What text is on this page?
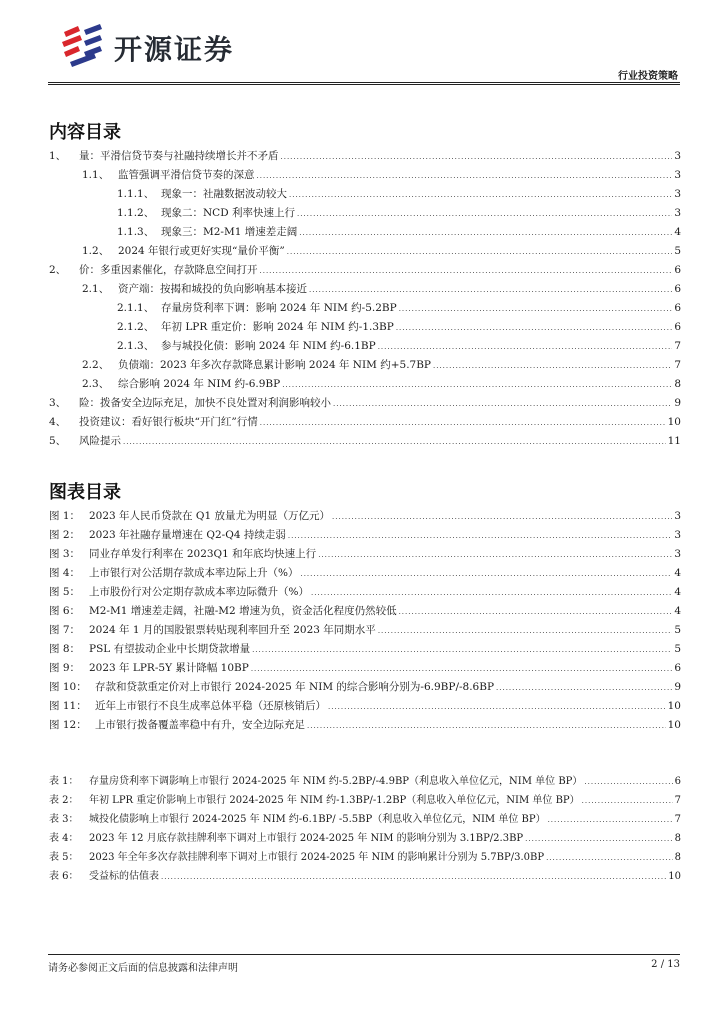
开源证券
行业投资策略
内容目录
图表目录
1、	量：平滑信贷节奏与社融持续增长并不矛盾 .....	3
1.1、 监管强调平滑信贷节奏的深意 .....	3
1.1.1、 现象一：社融数据波动较大 .....	3
1.1.2、 现象二：NCD 利率快速上行 .....	3
1.1.3、 现象三：M2-M1 增速差走阔 .....	4
1.2、 2024 年银行或更好实现“量价平衡” .....	5
2、	价：多重因素催化，存款降息空间打开 .....	6
2.1、 资产端：按揭和城投的负向影响基本接近 .....	6
2.1.1、 存量房贷利率下调：影响 2024 年 NIM 约-5.2BP .....	6
2.1.2、 年初 LPR 重定价：影响 2024 年 NIM 约-1.3BP .....	6
2.1.3、 参与城投化债：影响 2024 年 NIM 约-6.1BP .....	7
2.2、 负债端：2023 年多次存款降息累计影响 2024 年 NIM 约+5.7BP .....	7
2.3、 综合影响 2024 年 NIM 约-6.9BP .....	8
3、	险：拨备安全边际充足，加快不良处置对利润影响较小 .....	9
4、	投资建议：看好银行板块“开门红”行情 .....	10
5、	风险提示 .....	11
图 1： 2023 年人民币贷款在 Q1 放量尤为明显（万亿元） .....	3
图 2： 2023 年社融存量增速在 Q2-Q4 持续走弱 .....	3
图 3： 同业存单发行利率在 2023Q1 和年底均快速上行 .....	3
图 4： 上市银行对公活期存款成本率边际上升（%） .....	4
图 5： 上市股份行对公定期存款成本率边际微升（%） .....	4
图 6： M2-M1 增速差走阔，社融-M2 增速为负，资金活化程度仍然较低 .....	4
图 7： 2024 年 1 月的国股银票转贴现利率回升至 2023 年同期水平 .....	5
图 8： PSL 有望拔动企业中长期贷款增量 .....	5
图 9： 2023 年 LPR-5Y 累计降幅 10BP .....	6
图 10： 存款和贷款重定价对上市银行 2024-2025 年 NIM 的综合影响分别为-6.9BP/-8.6BP .....	9
图 11： 近年上市银行不良生成率总体平稳（还原核销后） .....	10
图 12： 上市银行拨备覆盖率稳中有升，安全边际充足 .....	10
表 1：	存量房贷利率下调影响上市银行 2024-2025 年 NIM 约-5.2BP/-4.9BP（利息收入单位亿元，NIM 单位 BP） .....	6
表 2：	年初 LPR 重定价影响上市银行 2024-2025 年 NIM 约-1.3BP/-1.2BP（利息收入单位亿元，NIM 单位 BP） .....	7
表 3：	城投化债影响上市银行 2024-2025 年 NIM 约-6.1BP/ -5.5BP（利息收入单位亿元，NIM 单位 BP） .....	7
表 4：	2023 年 12 月底存款挂牌利率下调对上市银行 2024-2025 年 NIM 的影响分别为 3.1BP/2.3BP .....	8
表 5：	2023 年全年多次存款挂牌利率下调对上市银行 2024-2025 年 NIM 的影响累计分别为 5.7BP/3.0BP .....	8
表 6：	受益标的估值表 .....	10
请务必参阅正文后面的信息披露和法律声明	2 / 13
